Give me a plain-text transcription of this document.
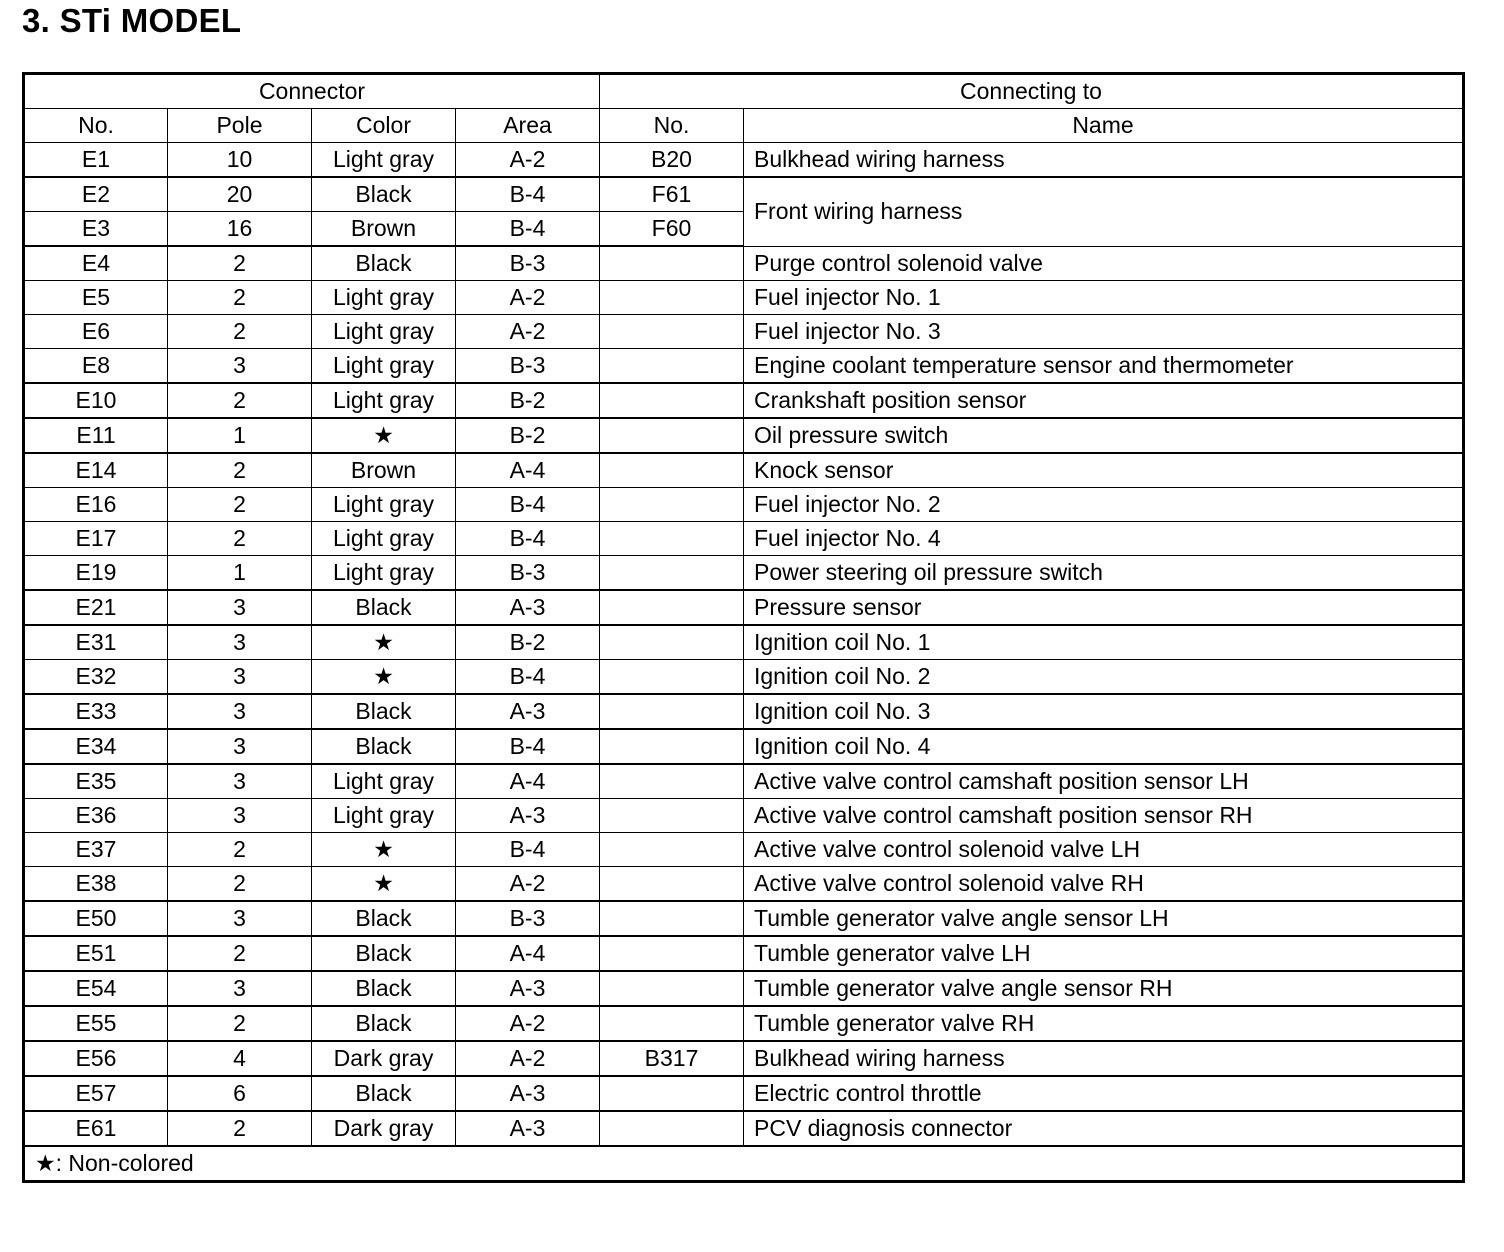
3. STi MODEL
Connector				Connecting to	
No.	Pole	Color	Area	No.	Name
E1	10	Light gray	A-2	B20	Bulkhead wiring harness
E2	20	Black	B-4	F61	Front wiring harness
E3	16	Brown	B-4	F60	
E4	2	Black	B-3		Purge control solenoid valve
E5	2	Light gray	A-2		Fuel injector No. 1
E6	2	Light gray	A-2		Fuel injector No. 3
E8	3	Light gray	B-3		Engine coolant temperature sensor and thermometer
E10	2	Light gray	B-2		Crankshaft position sensor
E11	1	★	B-2		Oil pressure switch
E14	2	Brown	A-4		Knock sensor
E16	2	Light gray	B-4		Fuel injector No. 2
E17	2	Light gray	B-4		Fuel injector No. 4
E19	1	Light gray	B-3		Power steering oil pressure switch
E21	3	Black	A-3		Pressure sensor
E31	3	★	B-2		Ignition coil No. 1
E32	3	★	B-4		Ignition coil No. 2
E33	3	Black	A-3		Ignition coil No. 3
E34	3	Black	B-4		Ignition coil No. 4
E35	3	Light gray	A-4		Active valve control camshaft position sensor LH
E36	3	Light gray	A-3		Active valve control camshaft position sensor RH
E37	2	★	B-4		Active valve control solenoid valve LH
E38	2	★	A-2		Active valve control solenoid valve RH
E50	3	Black	B-3		Tumble generator valve angle sensor LH
E51	2	Black	A-4		Tumble generator valve LH
E54	3	Black	A-3		Tumble generator valve angle sensor RH
E55	2	Black	A-2		Tumble generator valve RH
E56	4	Dark gray	A-2	B317	Bulkhead wiring harness
E57	6	Black	A-3		Electric control throttle
E61	2	Dark gray	A-3		PCV diagnosis connector
★: Non-colored					
